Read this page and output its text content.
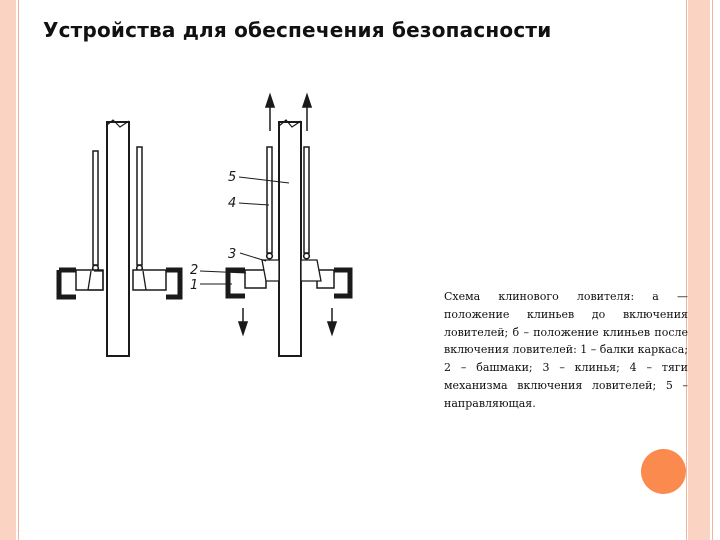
Устройства для обеспечения безопасности
5
4
3
2
1
Схема клинового ловителя: а — положение клиньев до включения ловителей; б – положение клиньев после включения ловителей: 1 – балки каркаса; 2 – башмаки; 3 – клинья; 4 – тяги механизма включения ловителей; 5 – направляющая.
